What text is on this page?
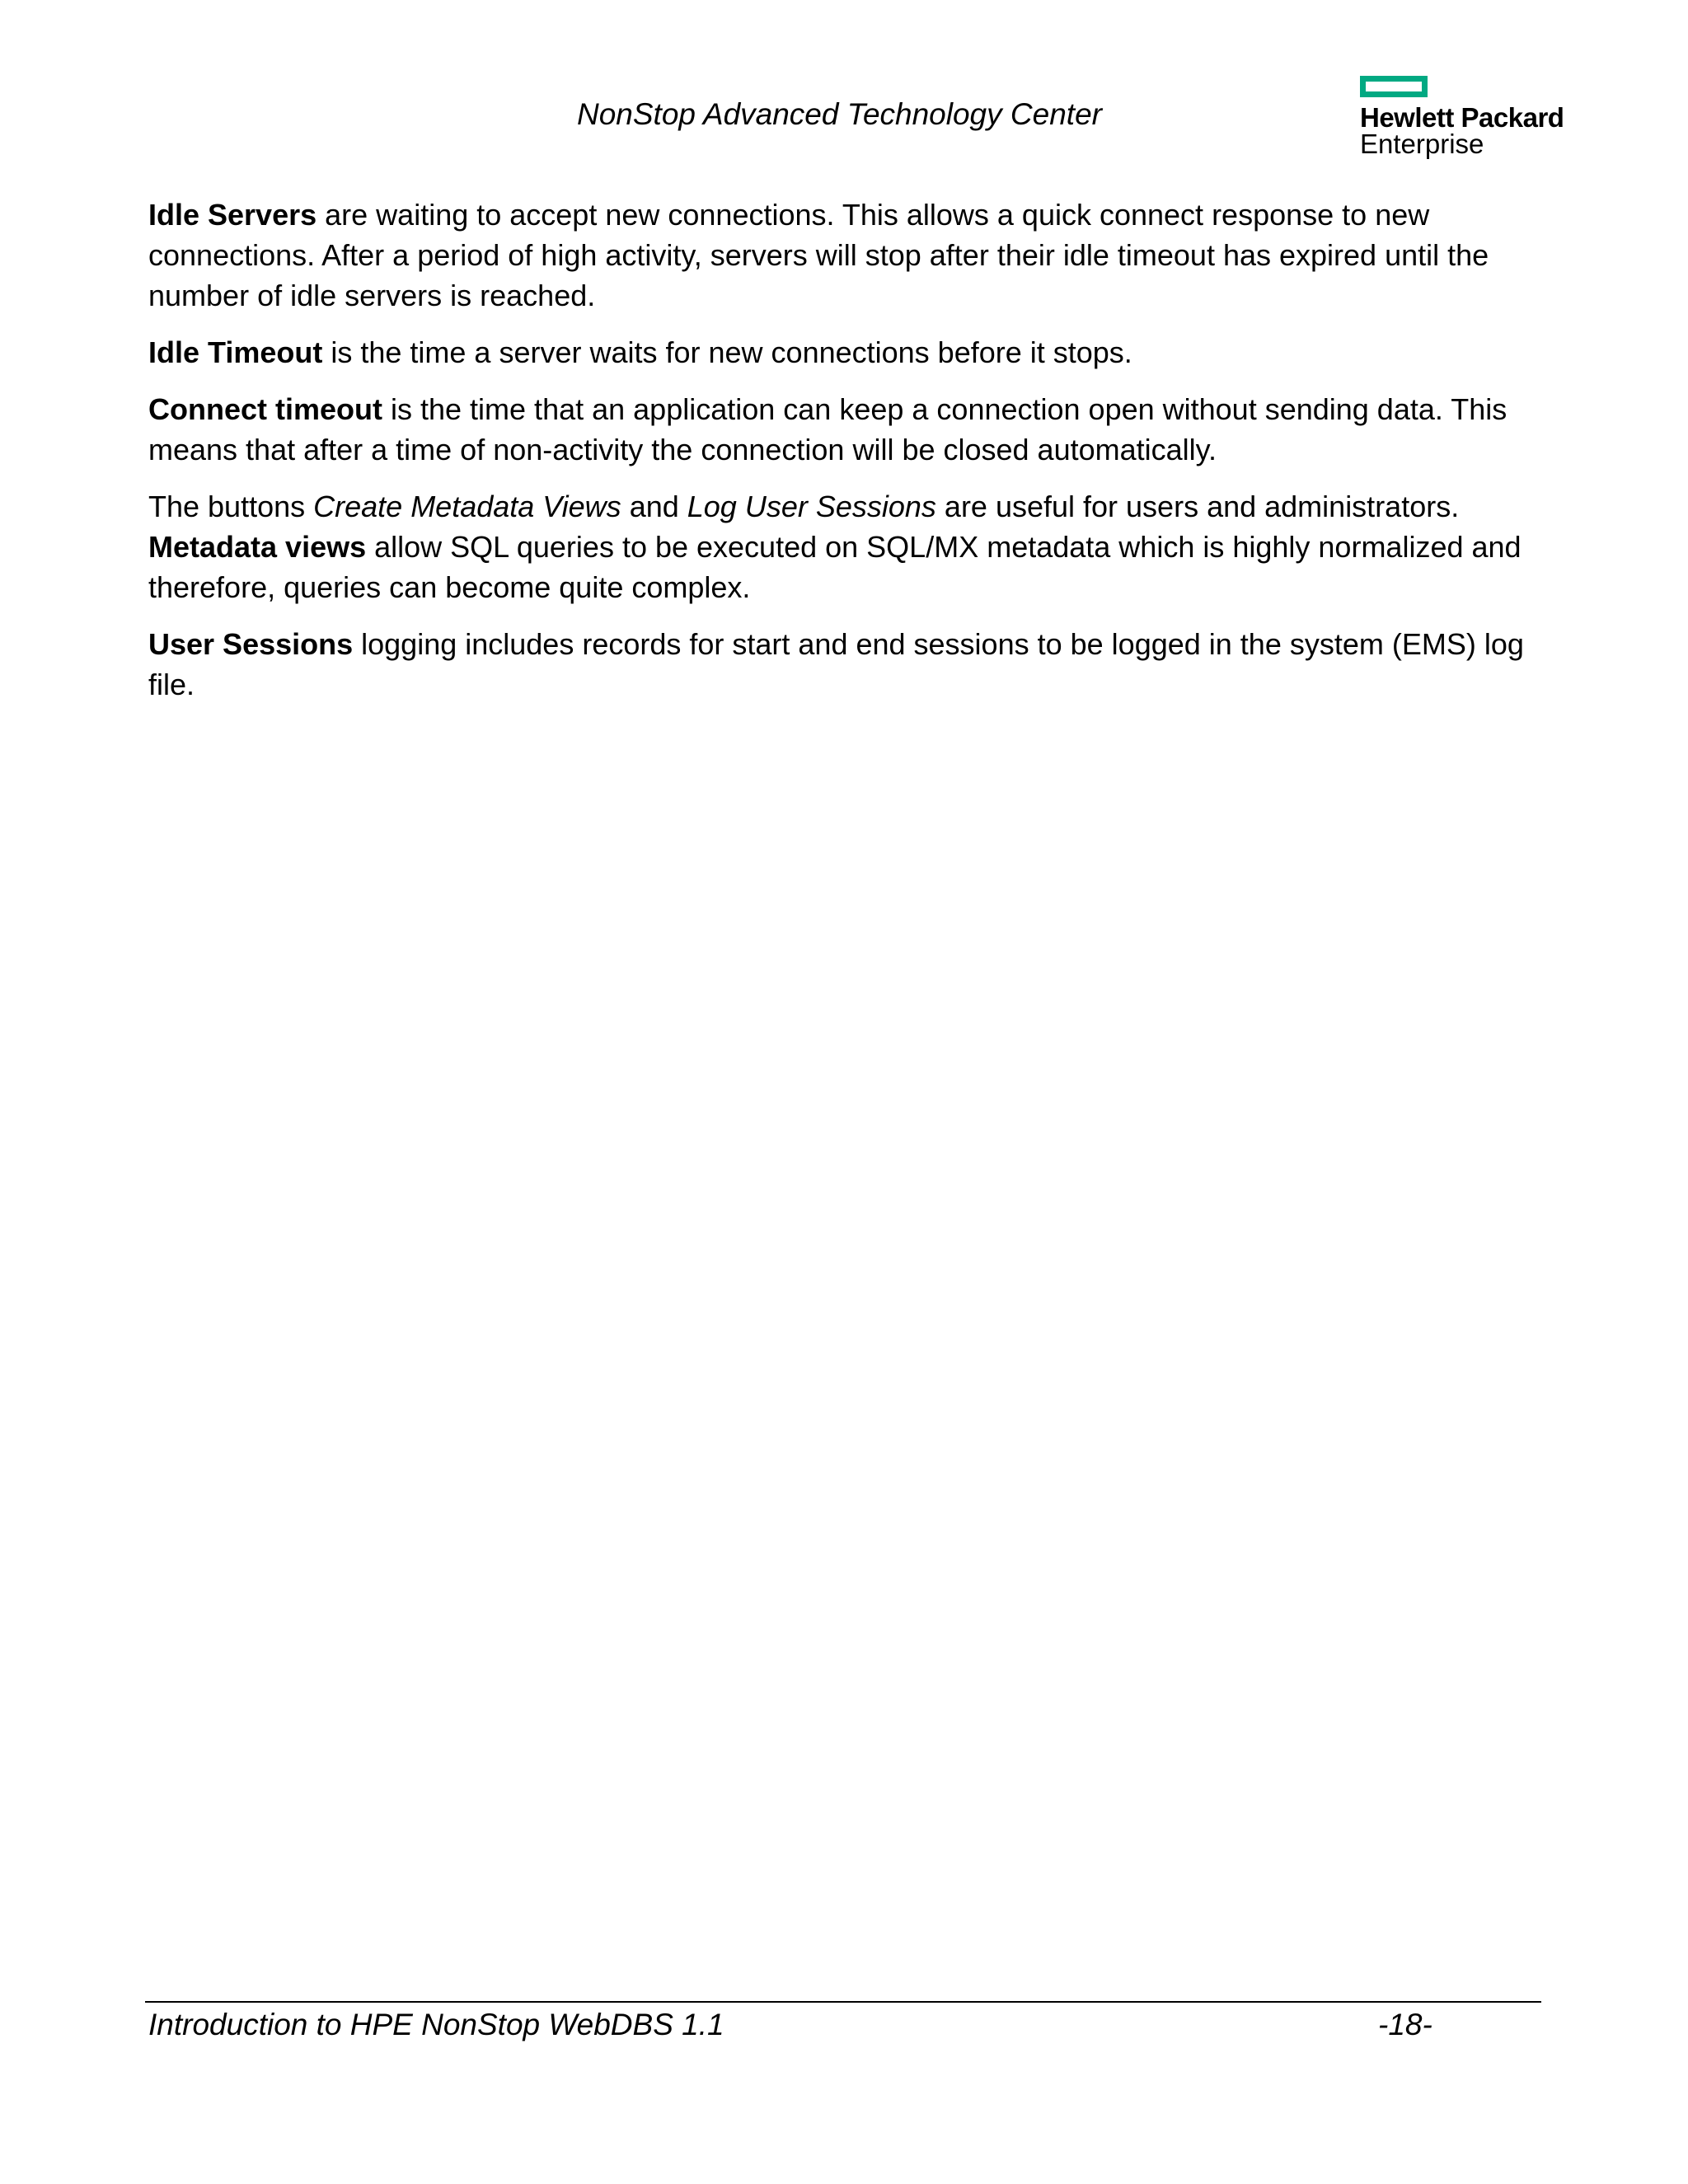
NonStop Advanced Technology Center	Hewlett Packard
Enterprise

Idle Servers are waiting to accept new connections. This allows a quick connect response to new connections. After a period of high activity, servers will stop after their idle timeout has expired until the number of idle servers is reached.

Idle Timeout is the time a server waits for new connections before it stops.

Connect timeout is the time that an application can keep a connection open without sending data. This means that after a time of non-activity the connection will be closed automatically.

The buttons Create Metadata Views and Log User Sessions are useful for users and administrators. Metadata views allow SQL queries to be executed on SQL/MX metadata which is highly normalized and therefore, queries can become quite complex.

User Sessions logging includes records for start and end sessions to be logged in the system (EMS) log file.

Introduction to HPE NonStop WebDBS 1.1	-18-
